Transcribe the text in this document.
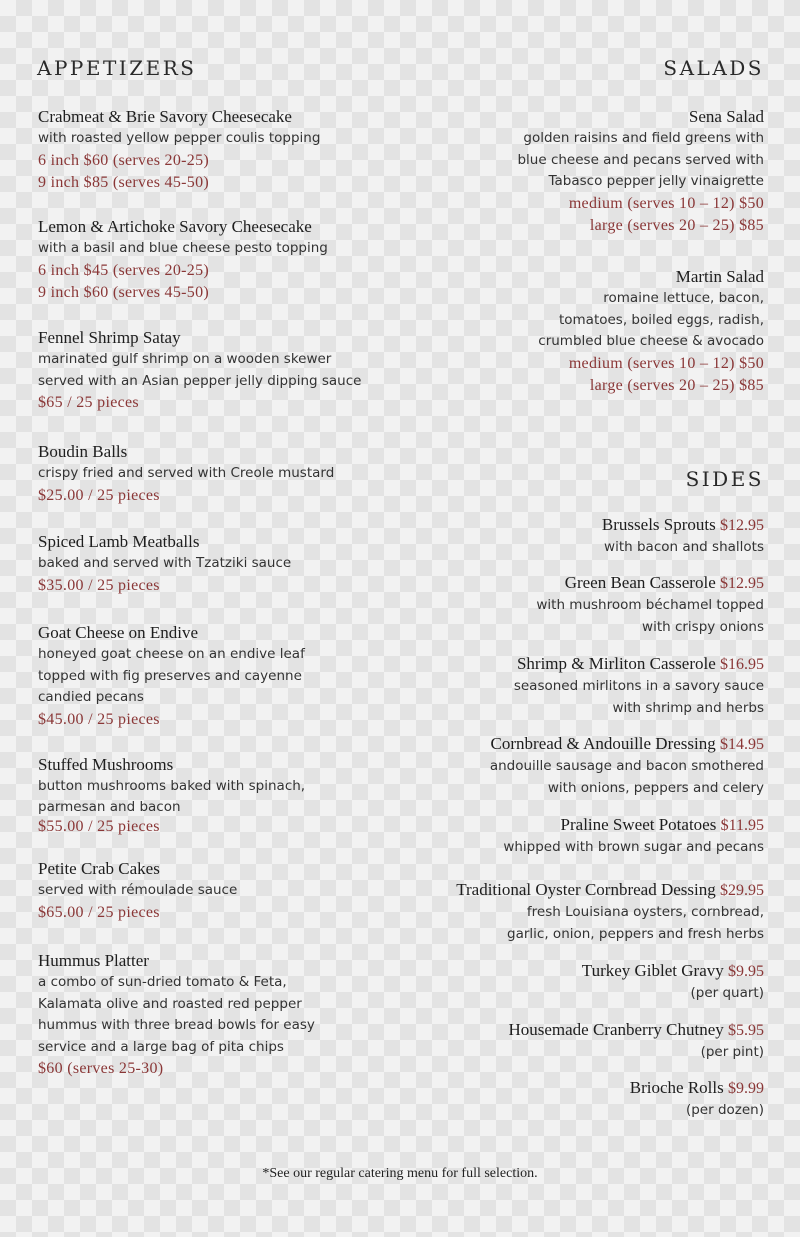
APPETIZERS	SALADS
SIDES
Crabmeat & Brie Savory Cheesecake
with roasted yellow pepper coulis topping
6 inch $60 (serves 20-25)
9 inch $85 (serves 45-50)
Lemon & Artichoke Savory Cheesecake
with a basil and blue cheese pesto topping
6 inch $45 (serves 20-25)
9 inch $60 (serves 45-50)
Fennel Shrimp Satay
marinated gulf shrimp on a wooden skewer
served with an Asian pepper jelly dipping sauce
$65 / 25 pieces
Boudin Balls
crispy fried and served with Creole mustard
$25.00 / 25 pieces
Spiced Lamb Meatballs
baked and served with Tzatziki sauce
$35.00 / 25 pieces
Goat Cheese on Endive
honeyed goat cheese on an endive leaf
topped with fig preserves and cayenne
candied pecans
$45.00 / 25 pieces
Stuffed Mushrooms
button mushrooms baked with spinach,
parmesan and bacon
$55.00 / 25 pieces
Petite Crab Cakes
served with rémoulade sauce
$65.00 / 25 pieces
Hummus Platter
a combo of sun-dried tomato & Feta,
Kalamata olive and roasted red pepper
hummus with three bread bowls for easy
service and a large bag of pita chips
$60 (serves 25-30)
Sena Salad
golden raisins and field greens with
blue cheese and pecans served with
Tabasco pepper jelly vinaigrette
medium (serves 10 – 12) $50
large (serves 20 – 25) $85
Martin Salad
romaine lettuce, bacon,
tomatoes, boiled eggs, radish,
crumbled blue cheese & avocado
medium (serves 10 – 12) $50
large (serves 20 – 25) $85
Brussels Sprouts $12.95
with bacon and shallots
Green Bean Casserole $12.95
with mushroom béchamel topped
with crispy onions
Shrimp & Mirliton Casserole $16.95
seasoned mirlitons in a savory sauce
with shrimp and herbs
Cornbread & Andouille Dressing $14.95
andouille sausage and bacon smothered
with onions, peppers and celery
Praline Sweet Potatoes $11.95
whipped with brown sugar and pecans
Traditional Oyster Cornbread Dessing $29.95
fresh Louisiana oysters, cornbread,
garlic, onion, peppers and fresh herbs
Turkey Giblet Gravy $9.95
(per quart)
Housemade Cranberry Chutney $5.95
(per pint)
Brioche Rolls $9.99
(per dozen)
*See our regular catering menu for full selection.
